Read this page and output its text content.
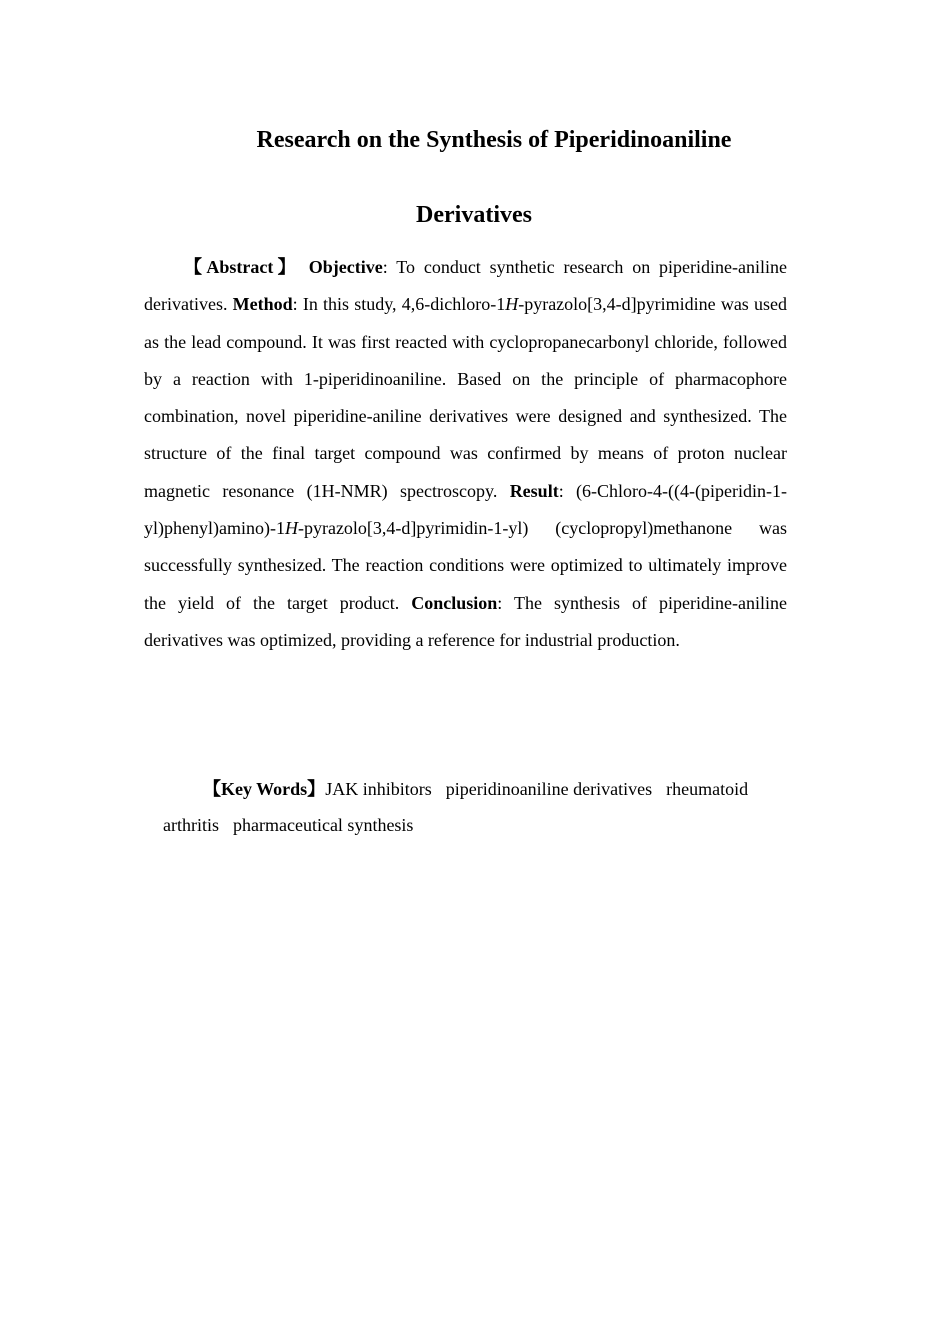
Research on the Synthesis of Piperidinoaniline
Derivatives

【Abstract】 Objective: To conduct synthetic research on piperidine-aniline derivatives. Method: In this study, 4,6-dichloro-1H-pyrazolo[3,4-d]pyrimidine was used as the lead compound. It was first reacted with cyclopropanecarbonyl chloride, followed by a reaction with 1-piperidinoaniline. Based on the principle of pharmacophore combination, novel piperidine-aniline derivatives were designed and synthesized. The structure of the final target compound was confirmed by means of proton nuclear magnetic resonance (1H-NMR) spectroscopy. Result: (6-Chloro-4-((4-(piperidin-1-yl)phenyl)amino)-1H-pyrazolo[3,4-d]pyrimidin-1-yl) (cyclopropyl)methanone was successfully synthesized. The reaction conditions were optimized to ultimately improve the yield of the target product. Conclusion: The synthesis of piperidine-aniline derivatives was optimized, providing a reference for industrial production.

【Key Words】JAK inhibitors piperidinoaniline derivatives rheumatoid arthritis pharmaceutical synthesis
